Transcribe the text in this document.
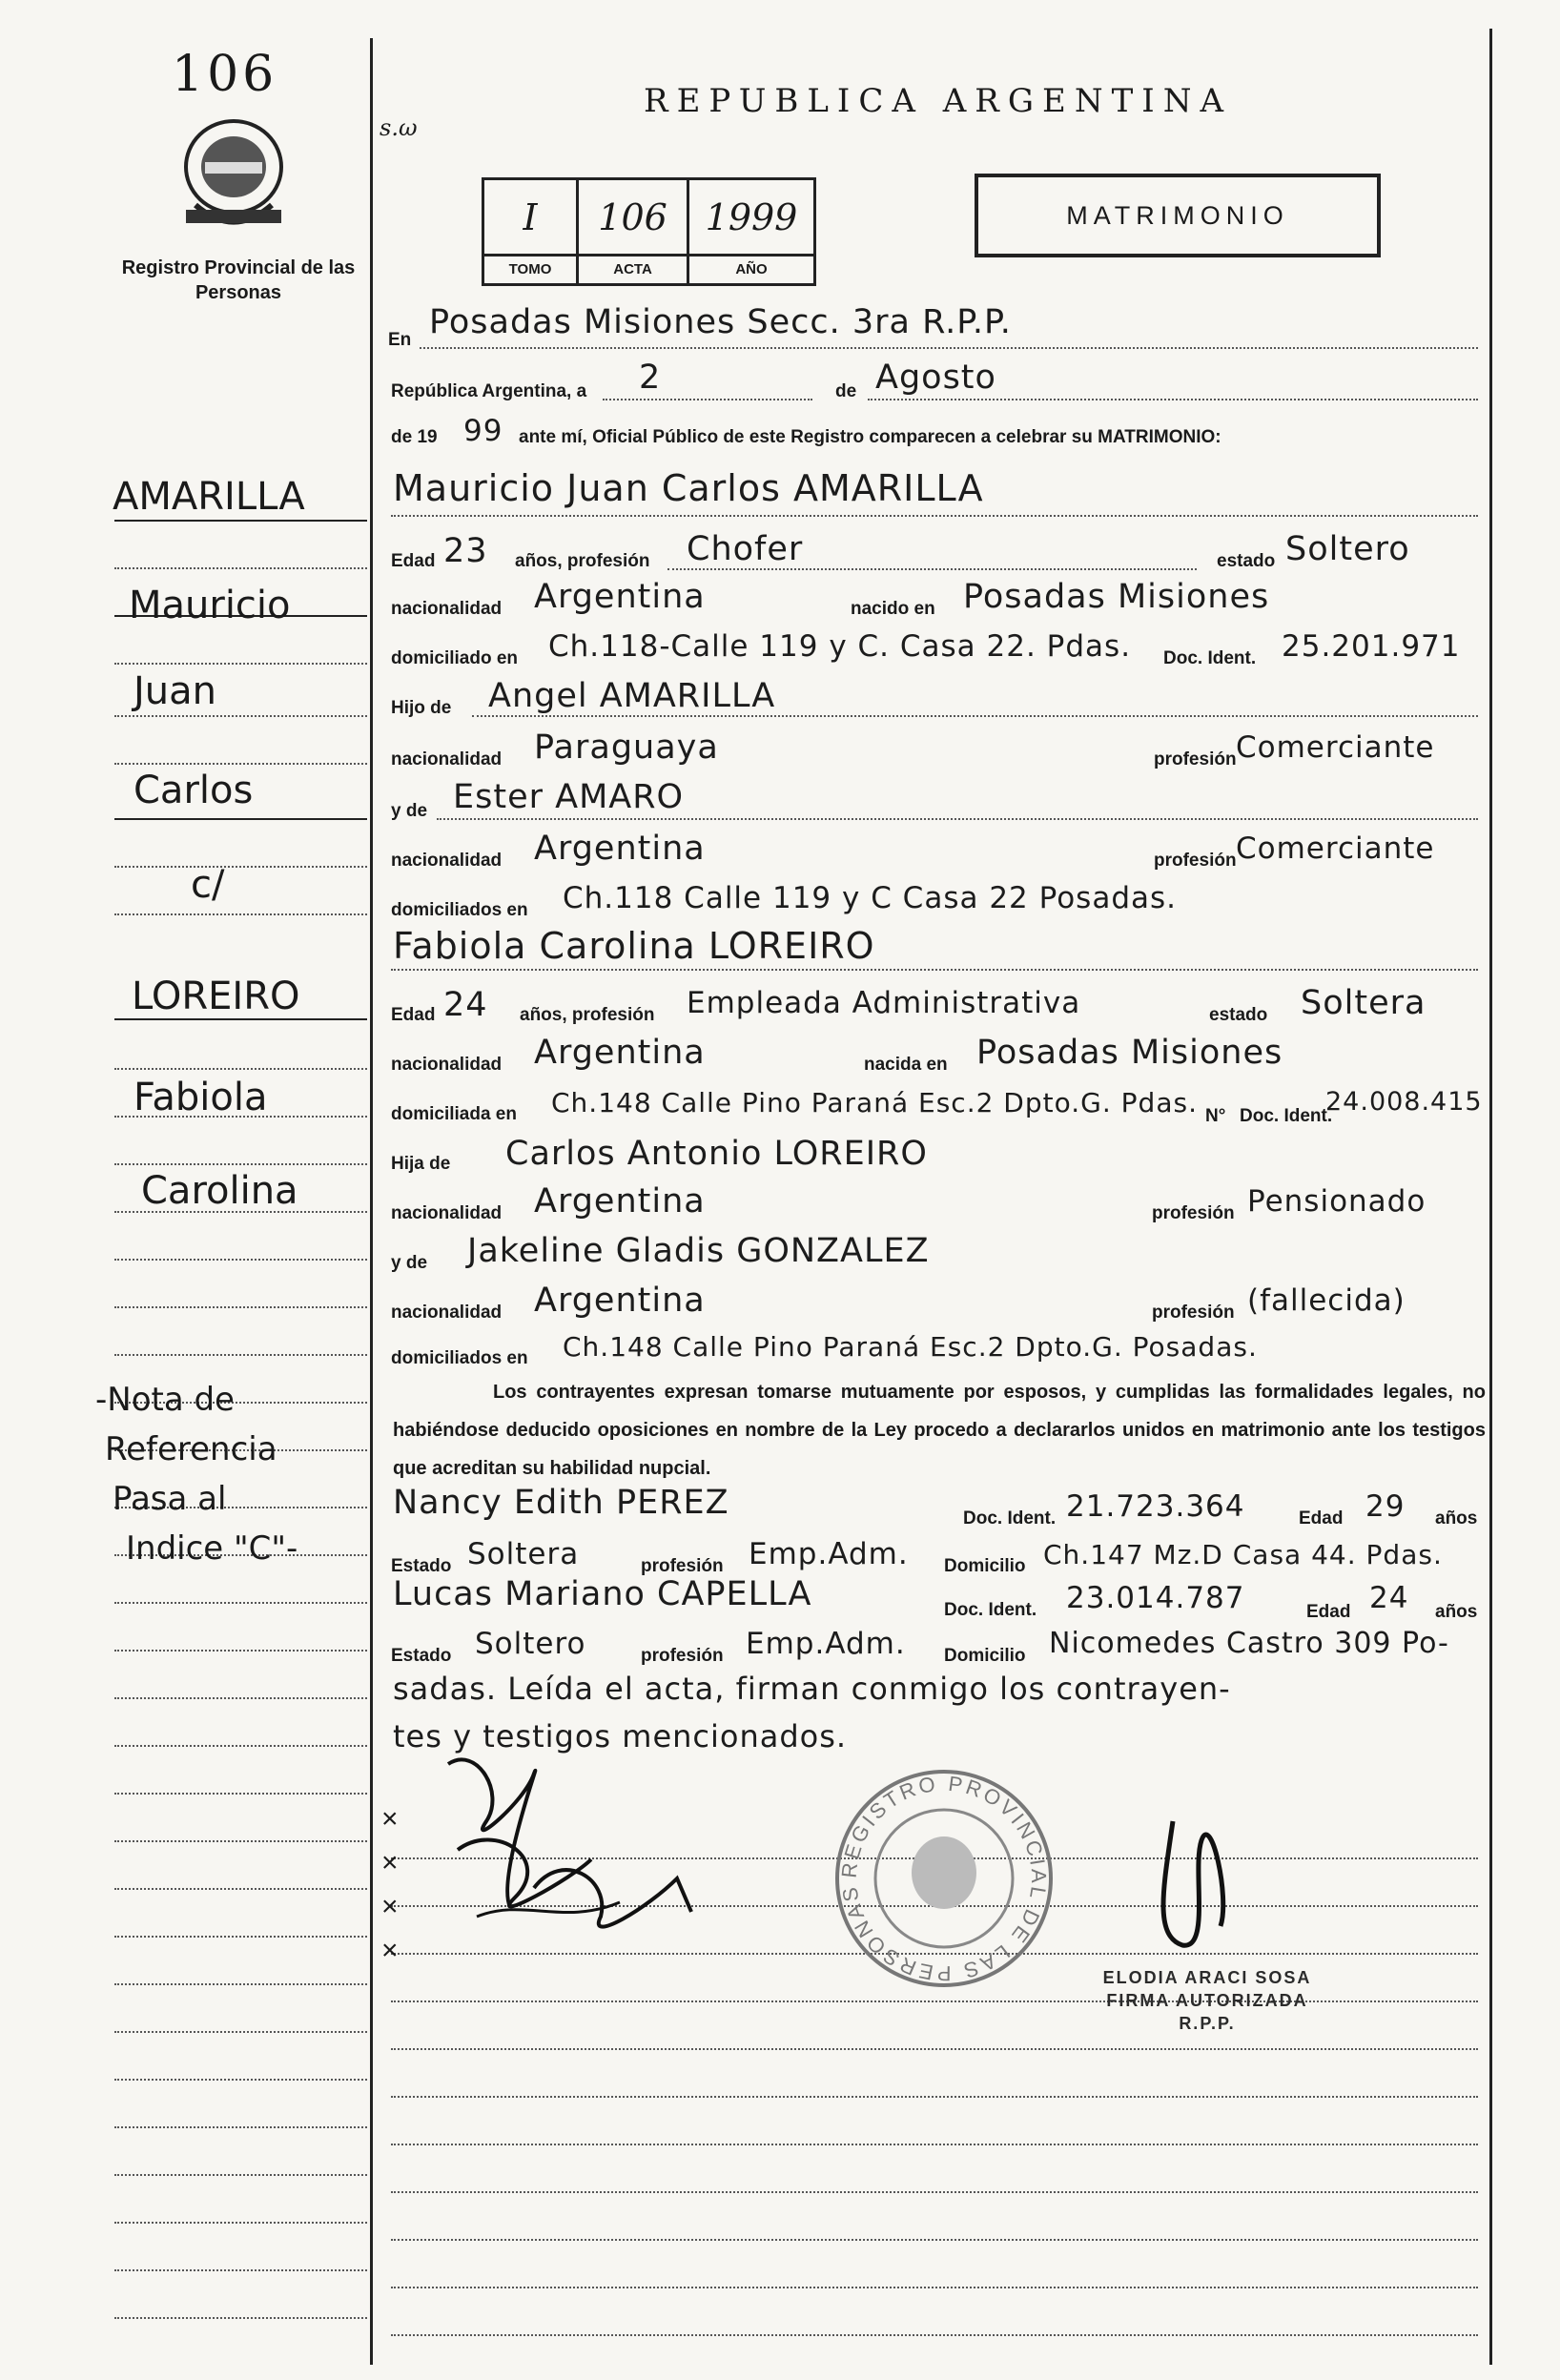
106
Registro Provincial de las Personas
REPUBLICA ARGENTINA
s.ω
I
TOMO
106
ACTA
1999
AÑO
MATRIMONIO
AMARILLA
Mauricio
Juan
Carlos
c/
LOREIRO
Fabiola
Carolina
-Nota de
Referencia
Pasa al
Indice "C"-
En Posadas Misiones Secc. 3ra R.P.P.
República Argentina, a 2	de Agosto
de 19 99 ante mí, Oficial Público de este Registro comparecen a celebrar su MATRIMONIO:
Mauricio Juan Carlos AMARILLA
Edad 23 años, profesión Chofer	estado Soltero
nacionalidad Argentina	nacido en Posadas Misiones
domiciliado en Ch.118-Calle 119 y C. Casa 22. Pdas. Doc. Ident. 25.201.971
Hijo de Angel AMARILLA
nacionalidad Paraguaya	profesión Comerciante
y de Ester AMARO
nacionalidad Argentina	profesión Comerciante
domiciliados en Ch.118 Calle 119 y C Casa 22 Posadas.
Fabiola Carolina LOREIRO
Edad 24 años, profesión Empleada Administrativa	estado Soltera
nacionalidad Argentina	nacida en Posadas Misiones
domiciliada en Ch.148 Calle Pino Paraná Esc.2 Dpto.G. Pdas. N° Doc. Ident.
24.008.415
Hija de Carlos Antonio LOREIRO
nacionalidad Argentina	profesión Pensionado
y de Jakeline Gladis GONZALEZ
nacionalidad Argentina	profesión (fallecida)
domiciliados en Ch.148 Calle Pino Paraná Esc.2 Dpto.G. Posadas.
Los contrayentes expresan tomarse mutuamente por esposos, y cumplidas las formalidades legales, no habiéndose deducido oposiciones en nombre de la Ley procedo a declararlos unidos en matrimonio ante los testigos que acreditan su habilidad nupcial.
Nancy Edith PEREZ	Doc. Ident. 21.723.364	Edad 29 años
Estado Soltera	profesión Emp.Adm. Domicilio Ch.147 Mz.D Casa 44. Pdas.
Lucas Mariano CAPELLA	Doc. Ident. 23.014.787	Edad 24 años
Estado Soltero	profesión Emp.Adm. Domicilio Nicomedes Castro 309 Po-
sadas. Leída el acta, firman conmigo los contrayen-
tes y testigos mencionados.
×
×
×
×
REGISTRO PROVINCIAL DE LAS PERSONAS
ELODIA ARACI SOSA
FIRMA AUTORIZADA
R.P.P.
